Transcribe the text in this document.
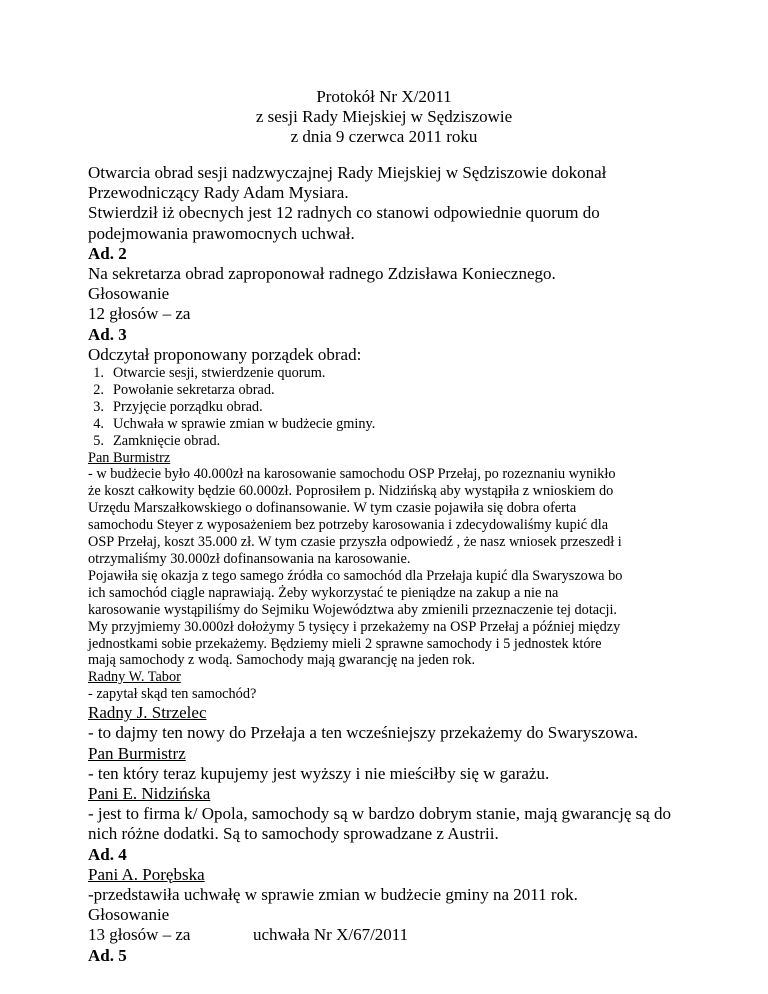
Protokół Nr X/2011
z sesji Rady Miejskiej w Sędziszowie
z dnia 9 czerwca 2011 roku
Otwarcia obrad sesji nadzwyczajnej Rady Miejskiej w Sędziszowie dokonał
Przewodniczący Rady Adam Mysiara.
Stwierdził iż obecnych jest 12 radnych co stanowi odpowiednie quorum do
podejmowania prawomocnych uchwał.
Ad. 2
Na sekretarza obrad zaproponował radnego Zdzisława Koniecznego.
Głosowanie
12 głosów – za
Ad. 3
Odczytał proponowany porządek obrad:
1. Otwarcie sesji, stwierdzenie quorum.
2. Powołanie sekretarza obrad.
3. Przyjęcie porządku obrad.
4. Uchwała w sprawie zmian w budżecie gminy.
5. Zamknięcie obrad.
Pan Burmistrz
- w budżecie było 40.000zł na karosowanie samochodu OSP Przełaj, po rozeznaniu wynikło
że koszt całkowity będzie 60.000zł. Poprosiłem p. Nidzińską aby wystąpiła z wnioskiem do
Urzędu Marszałkowskiego o dofinansowanie. W tym czasie pojawiła się dobra oferta
samochodu Steyer z wyposażeniem bez potrzeby karosowania i zdecydowaliśmy kupić dla
OSP Przełaj, koszt 35.000 zł. W tym czasie przyszła odpowiedź , że nasz wniosek przeszedł i
otrzymaliśmy 30.000zł dofinansowania na karosowanie.
Pojawiła się okazja z tego samego źródła co samochód dla Przełaja kupić dla Swaryszowa bo
ich samochód ciągle naprawiają. Żeby wykorzystać te pieniądze na zakup a nie na
karosowanie wystąpiliśmy do Sejmiku Województwa aby zmienili przeznaczenie tej dotacji.
My przyjmiemy 30.000zł dołożymy 5 tysięcy i przekażemy na OSP Przełaj a później między
jednostkami sobie przekażemy. Będziemy mieli 2 sprawne samochody i 5 jednostek które
mają samochody z wodą. Samochody mają gwarancję na jeden rok.
Radny W. Tabor
- zapytał skąd ten samochód?
Radny J. Strzelec
- to dajmy ten nowy do Przełaja a ten wcześniejszy przekażemy do Swaryszowa.
Pan Burmistrz
- ten który teraz kupujemy jest wyższy i nie mieściłby się w garażu.
Pani E. Nidzińska
- jest to firma k/ Opola, samochody są w bardzo dobrym stanie, mają gwarancję są do
nich różne dodatki. Są to samochody sprowadzane z Austrii.
Ad. 4
Pani A. Porębska
-przedstawiła uchwałę w sprawie zmian w budżecie gminy na 2011 rok.
Głosowanie
13 głosów – za	uchwała Nr X/67/2011
Ad. 5
